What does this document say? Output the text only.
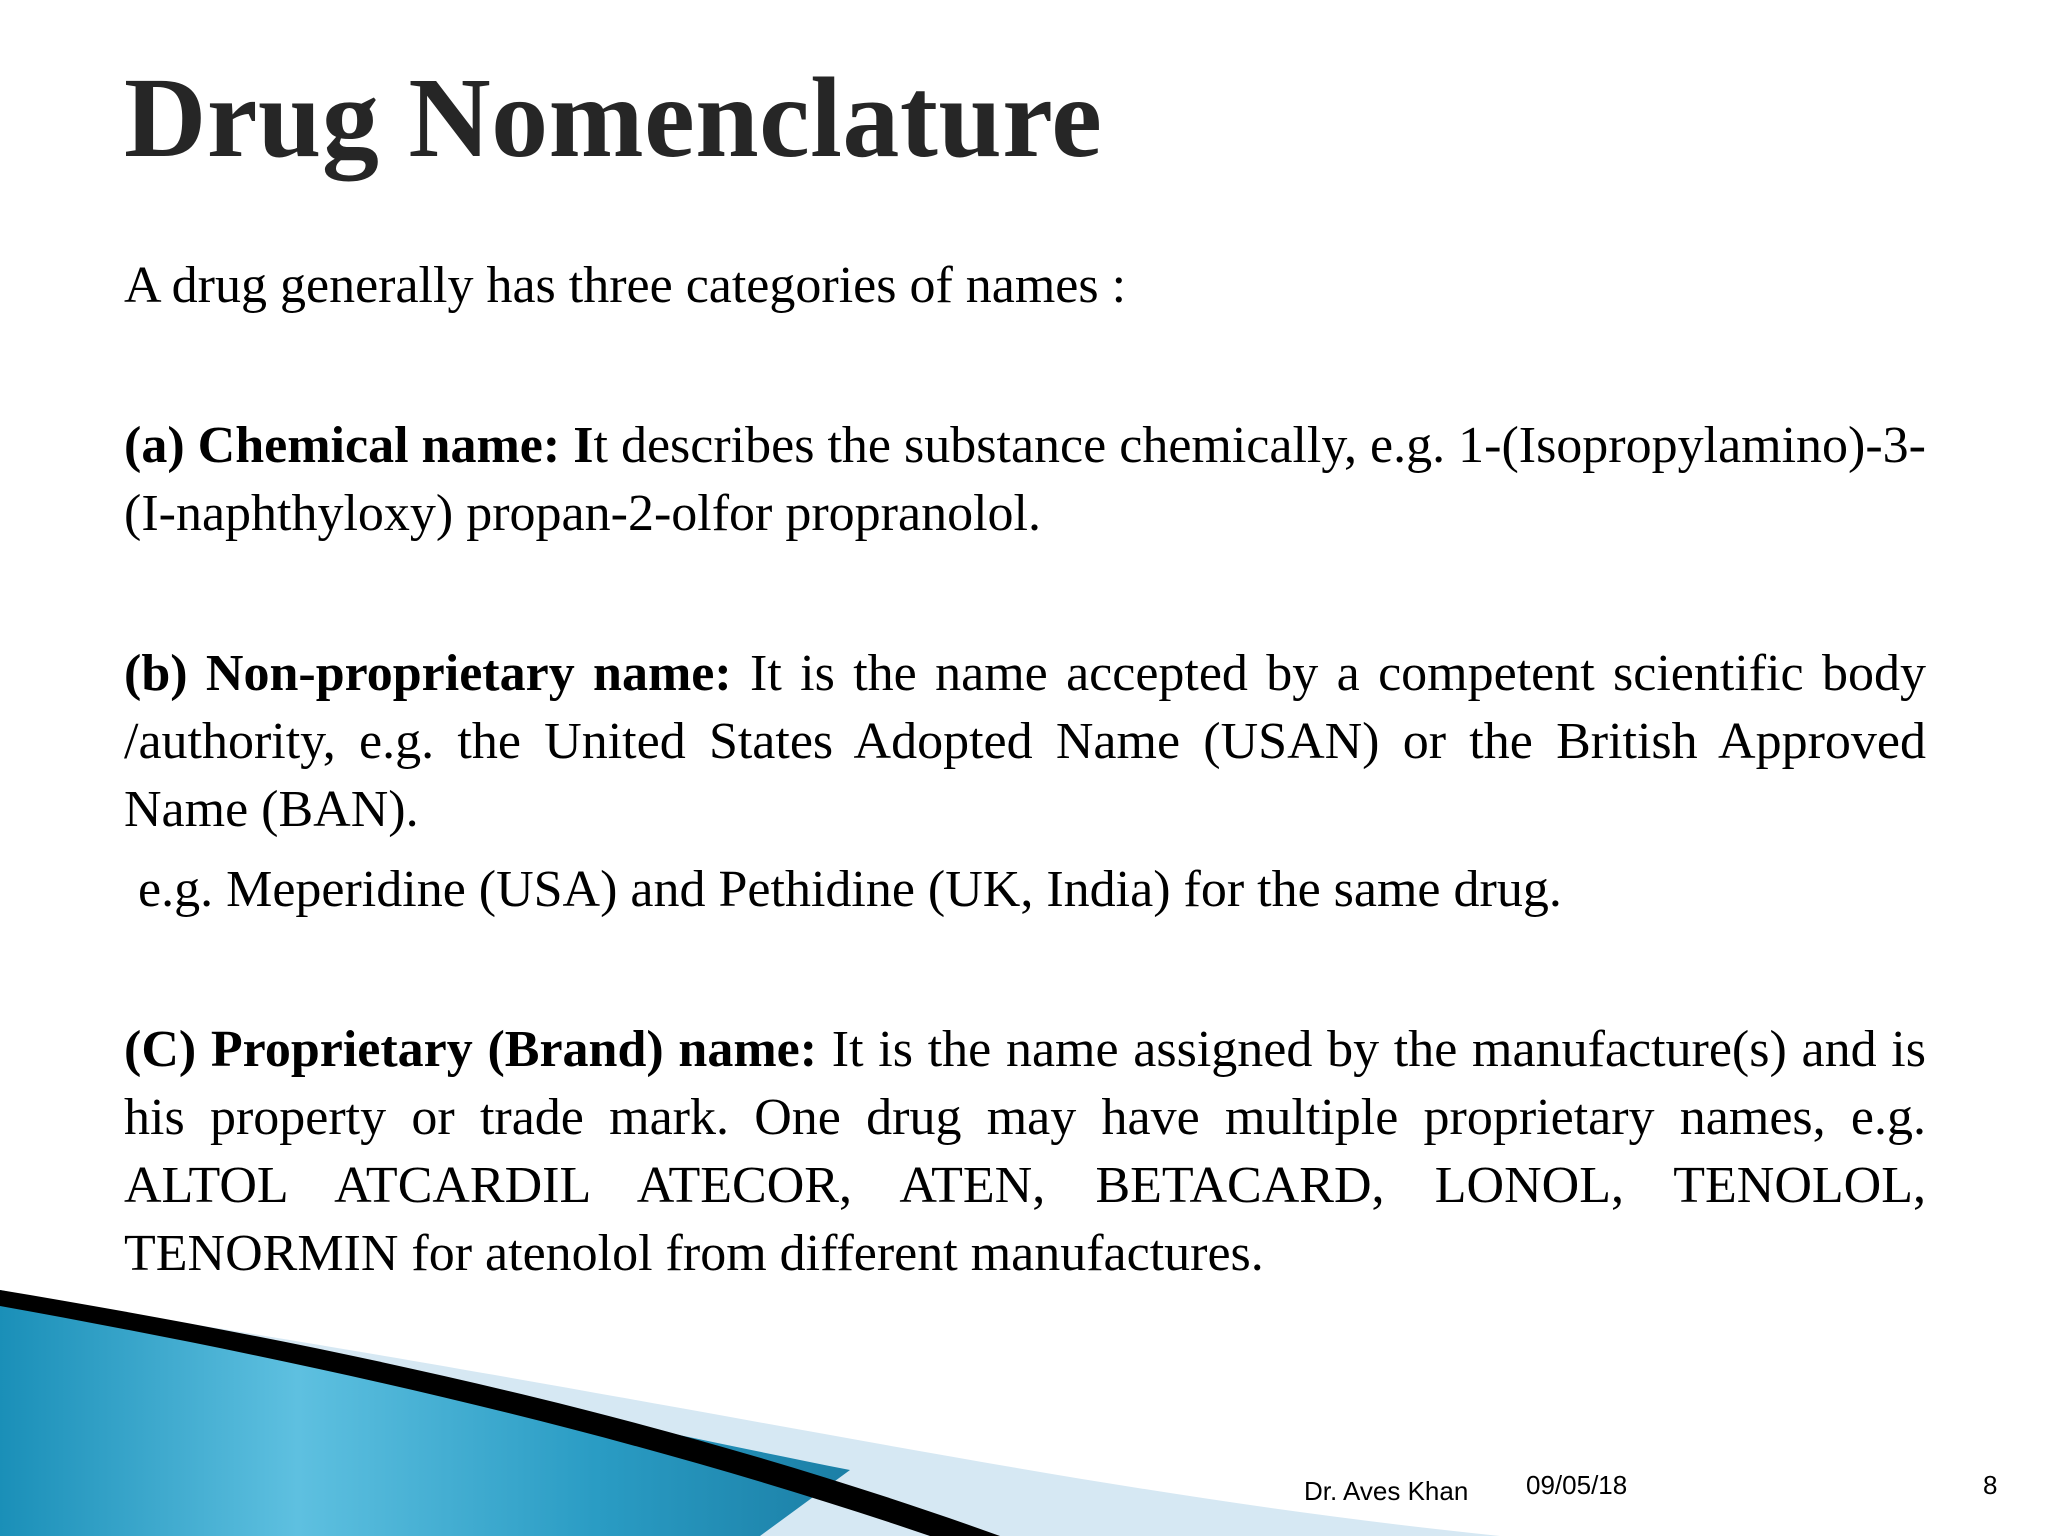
Drug Nomenclature

A drug generally has three categories of names :

(a) Chemical name: It describes the substance chemically, e.g. 1-(Isopropylamino)-3-(I-naphthyloxy) propan-2-olfor propranolol.

(b) Non-proprietary name: It is the name accepted by a competent scientific body /authority, e.g. the United States Adopted Name (USAN) or the British Approved Name (BAN).

e.g. Meperidine (USA) and Pethidine (UK, India) for the same drug.

(C) Proprietary (Brand) name: It is the name assigned by the manufacture(s) and is his property or trade mark. One drug may have multiple proprietary names, e.g. ALTOL ATCARDIL ATECOR, ATEN, BETACARD, LONOL, TENOLOL, TENORMIN for atenolol from different manufactures.

Dr. Aves Khan 09/05/18	8
